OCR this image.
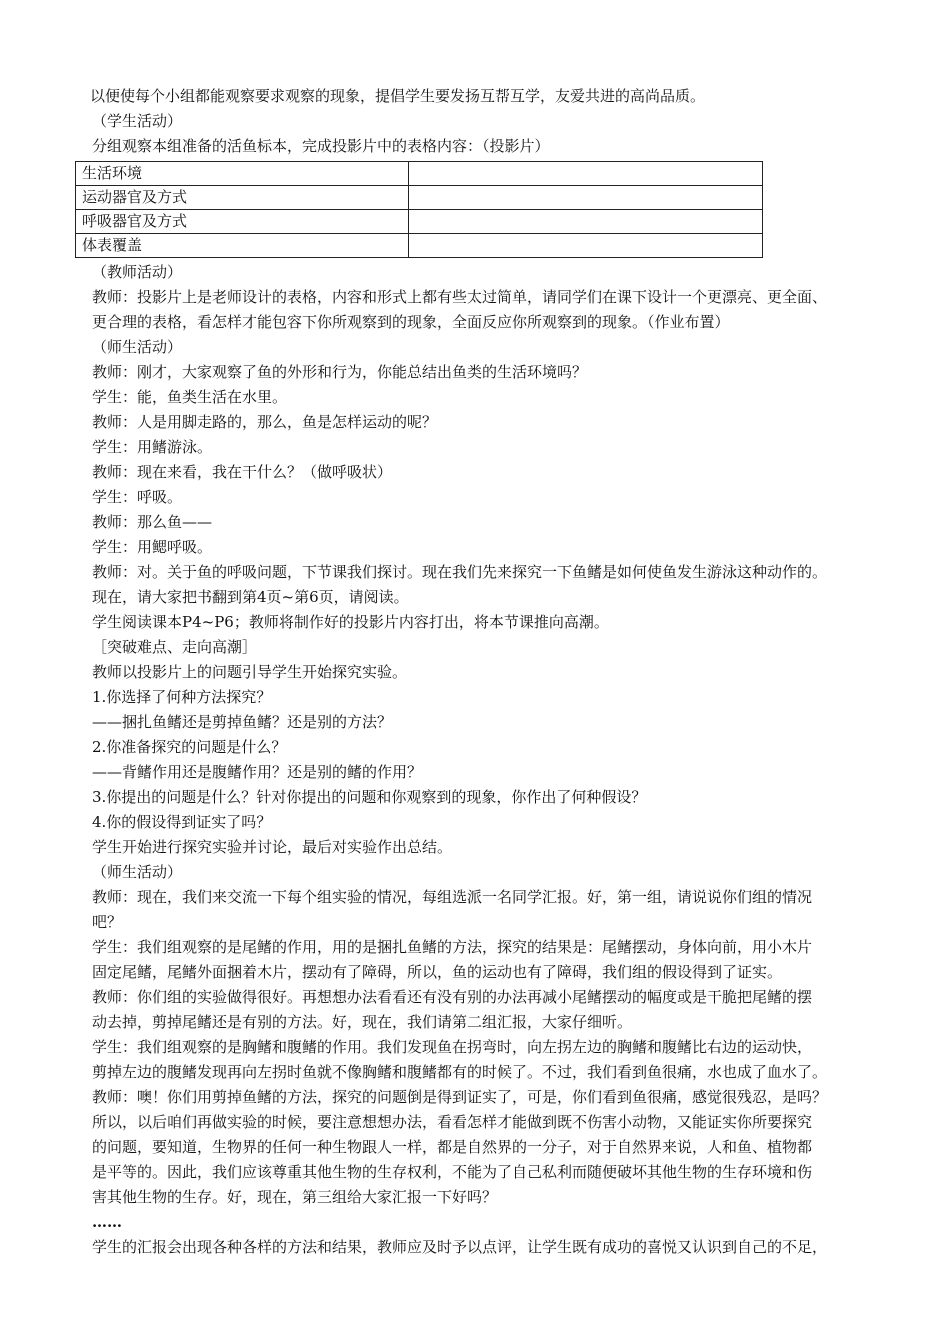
以便使每个小组都能观察要求观察的现象，提倡学生要发扬互帮互学，友爱共进的高尚品质。
（学生活动）
分组观察本组准备的活鱼标本，完成投影片中的表格内容：（投影片）
生活环境	
运动器官及方式	
呼吸器官及方式	
体表覆盖	
（教师活动）
教师：投影片上是老师设计的表格，内容和形式上都有些太过简单，请同学们在课下设计一个更漂亮、更全面、
更合理的表格，看怎样才能包容下你所观察到的现象，全面反应你所观察到的现象。（作业布置）
（师生活动）
教师：刚才，大家观察了鱼的外形和行为，你能总结出鱼类的生活环境吗？
学生：能，鱼类生活在水里。
教师：人是用脚走路的，那么，鱼是怎样运动的呢？
学生：用鳍游泳。
教师：现在来看，我在干什么？（做呼吸状）
学生：呼吸。
教师：那么鱼——
学生：用鳃呼吸。
教师：对。关于鱼的呼吸问题，下节课我们探讨。现在我们先来探究一下鱼鳍是如何使鱼发生游泳这种动作的。
现在，请大家把书翻到第4页~第6页，请阅读。
学生阅读课本P4~P6；教师将制作好的投影片内容打出，将本节课推向高潮。
［突破难点、走向高潮］
教师以投影片上的问题引导学生开始探究实验。
1.你选择了何种方法探究？
——捆扎鱼鳍还是剪掉鱼鳍？还是别的方法？
2.你准备探究的问题是什么？
——背鳍作用还是腹鳍作用？还是别的鳍的作用？
3.你提出的问题是什么？针对你提出的问题和你观察到的现象，你作出了何种假设？
4.你的假设得到证实了吗？
学生开始进行探究实验并讨论，最后对实验作出总结。
（师生活动）
教师：现在，我们来交流一下每个组实验的情况，每组选派一名同学汇报。好，第一组，请说说你们组的情况
吧？
学生：我们组观察的是尾鳍的作用，用的是捆扎鱼鳍的方法，探究的结果是：尾鳍摆动，身体向前，用小木片
固定尾鳍，尾鳍外面捆着木片，摆动有了障碍，所以，鱼的运动也有了障碍，我们组的假设得到了证实。
教师：你们组的实验做得很好。再想想办法看看还有没有别的办法再减小尾鳍摆动的幅度或是干脆把尾鳍的摆
动去掉，剪掉尾鳍还是有别的方法。好，现在，我们请第二组汇报，大家仔细听。
学生：我们组观察的是胸鳍和腹鳍的作用。我们发现鱼在拐弯时，向左拐左边的胸鳍和腹鳍比右边的运动快，
剪掉左边的腹鳍发现再向左拐时鱼就不像胸鳍和腹鳍都有的时候了。不过，我们看到鱼很痛，水也成了血水了。
教师：噢！你们用剪掉鱼鳍的方法，探究的问题倒是得到证实了，可是，你们看到鱼很痛，感觉很残忍，是吗？
所以，以后咱们再做实验的时候，要注意想想办法，看看怎样才能做到既不伤害小动物，又能证实你所要探究
的问题，要知道，生物界的任何一种生物跟人一样，都是自然界的一分子，对于自然界来说，人和鱼、植物都
是平等的。因此，我们应该尊重其他生物的生存权利，不能为了自己私利而随便破坏其他生物的生存环境和伤
害其他生物的生存。好，现在，第三组给大家汇报一下好吗？
……
学生的汇报会出现各种各样的方法和结果，教师应及时予以点评，让学生既有成功的喜悦又认识到自己的不足，
